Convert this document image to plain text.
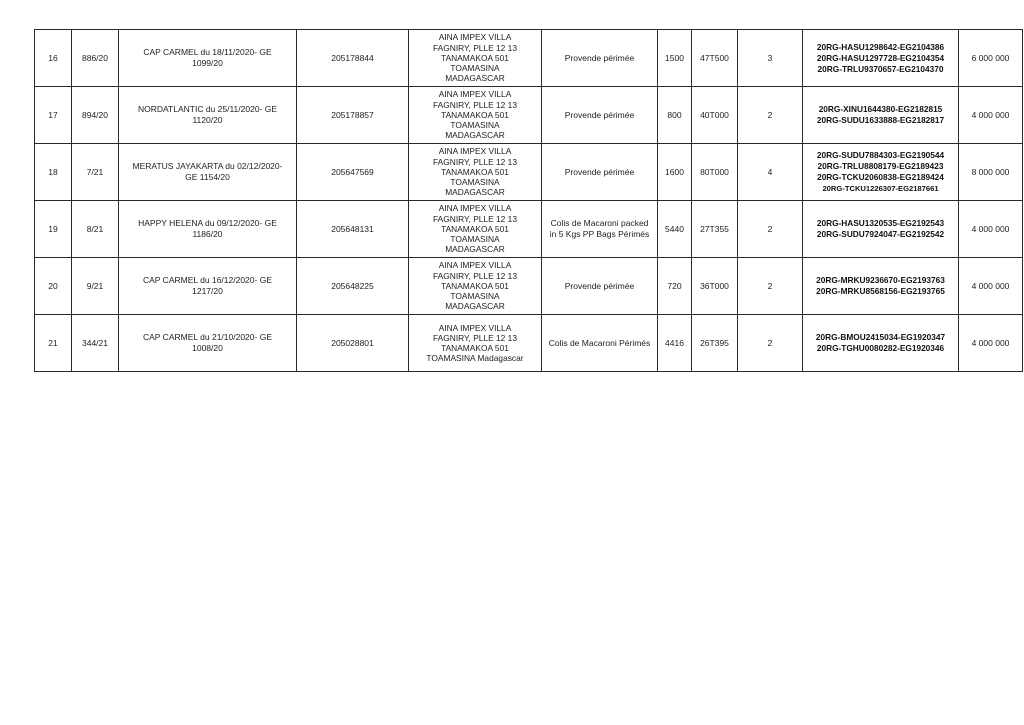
16	886/20	CAP CARMEL du 18/11/2020- GE
1099/20	205178844	AINA IMPEX VILLA
FAGNIRY, PLLE 12 13
TANAMAKOA 501
TOAMASINA
MADAGASCAR	Provende périmée	1500	47T500	3	20RG-HASU1298642-EG2104386
20RG-HASU1297728-EG2104354
20RG-TRLU9370657-EG2104370	6 000 000
17	894/20	NORDATLANTIC du 25/11/2020- GE
1120/20	205178857	AINA IMPEX VILLA
FAGNIRY, PLLE 12 13
TANAMAKOA 501
TOAMASINA
MADAGASCAR	Provende périmée	800	40T000	2	20RG-XINU1644380-EG2182815
20RG-SUDU1633888-EG2182817	4 000 000
18	7/21	MERATUS JAYAKARTA du 02/12/2020-
GE 1154/20	205647569	AINA IMPEX VILLA
FAGNIRY, PLLE 12 13
TANAMAKOA 501
TOAMASINA
MADAGASCAR	Provende périmée	1600	80T000	4	20RG-SUDU7884303-EG2190544
20RG-TRLU8808179-EG2189423
20RG-TCKU2060838-EG2189424
20RG-TCKU1226307-EG2187661	8 000 000
19	8/21	HAPPY HELENA du 09/12/2020- GE
1186/20	205648131	AINA IMPEX VILLA
FAGNIRY, PLLE 12 13
TANAMAKOA 501
TOAMASINA
MADAGASCAR	Colis de Macaroni packed
in 5 Kgs PP Bags Périmés	5440	27T355	2	20RG-HASU1320535-EG2192543
20RG-SUDU7924047-EG2192542	4 000 000
20	9/21	CAP CARMEL du 16/12/2020- GE
1217/20	205648225	AINA IMPEX VILLA
FAGNIRY, PLLE 12 13
TANAMAKOA 501
TOAMASINA
MADAGASCAR	Provende périmée	720	36T000	2	20RG-MRKU9236670-EG2193763
20RG-MRKU8568156-EG2193765	4 000 000
21	344/21	CAP CARMEL du 21/10/2020- GE
1008/20	205028801	AINA IMPEX VILLA
FAGNIRY, PLLE 12 13
TANAMAKOA 501
TOAMASINA Madagascar	Colis de Macaroni Périmés	4416	26T395	2	20RG-BMOU2415034-EG1920347
20RG-TGHU0080282-EG1920346	4 000 000
